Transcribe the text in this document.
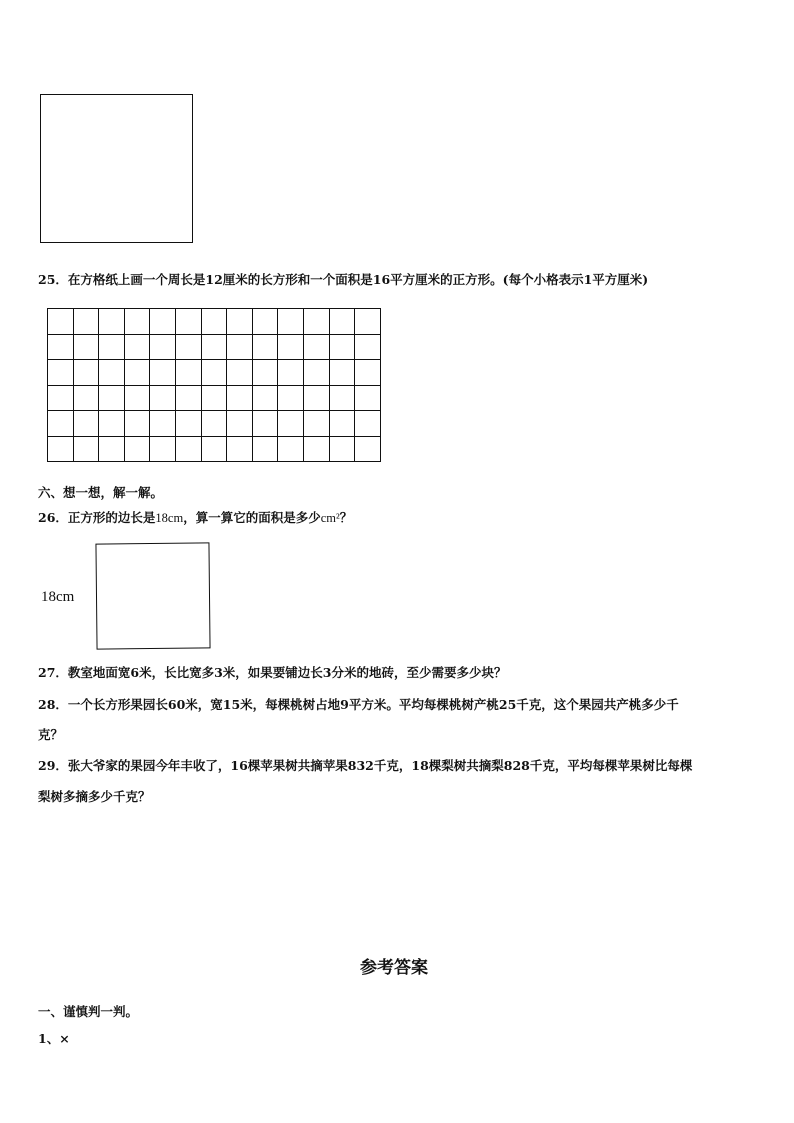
25．在方格纸上画一个周长是12厘米的长方形和一个面积是16平方厘米的正方形。(每个小格表示1平方厘米)
六、想一想，解一解。
26．正方形的边长是18cm，算一算它的面积是多少cm²？
18cm
27．教室地面宽6米，长比宽多3米，如果要铺边长3分米的地砖，至少需要多少块？
28．一个长方形果园长60米，宽15米，每棵桃树占地9平方米。平均每棵桃树产桃25千克，这个果园共产桃多少千
克？
29．张大爷家的果园今年丰收了，16棵苹果树共摘苹果832千克，18棵梨树共摘梨828千克，平均每棵苹果树比每棵
梨树多摘多少千克？
参考答案
一、谨慎判一判。
1、×
